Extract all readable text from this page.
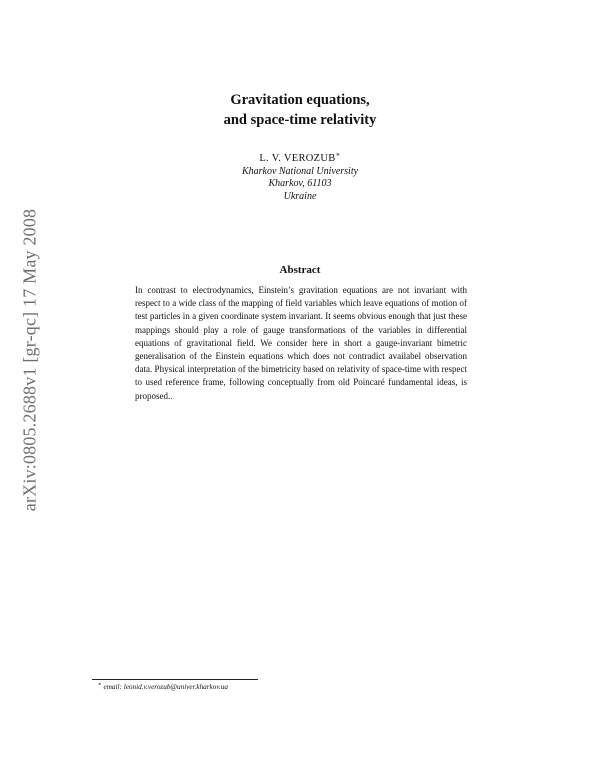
arXiv:0805.2688v1 [gr-qc] 17 May 2008
Gravitation equations,
and space-time relativity
L. V. VEROZUB∗
Kharkov National University
Kharkov, 61103
Ukraine
Abstract
In contrast to electrodynamics, Einstein’s gravitation equations are not invariant with respect to a wide class of the mapping of field variables which leave equations of motion of test particles in a given coordinate system invariant. It seems obvious enough that just these mappings should play a role of gauge transformations of the variables in differential equations of gravitational field. We consider here in short a gauge-invariant bimetric generalisation of the Einstein equations which does not contradict availabel observation data. Physical interpretation of the bimetricity based on relativity of space-time with respect to used reference frame, following conceptually from old Poincaré fundamental ideas, is proposed..
∗ email: leonid.v.verozub@univer.kharkov.ua
